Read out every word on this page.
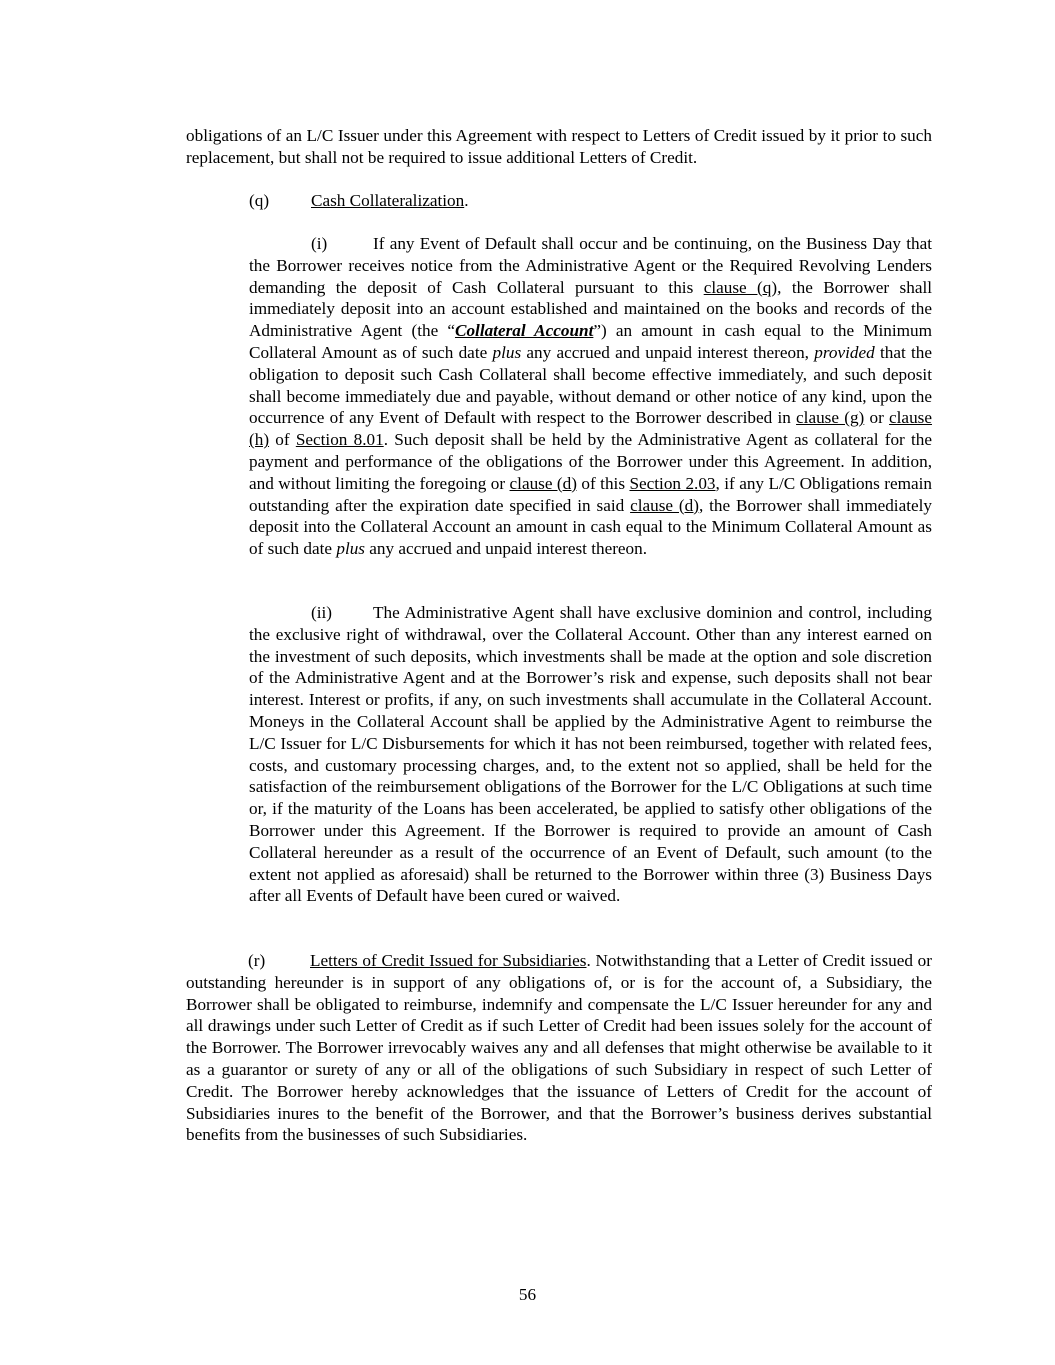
obligations of an L/C Issuer under this Agreement with respect to Letters of Credit issued by it prior to such replacement, but shall not be required to issue additional Letters of Credit.

(q) Cash Collateralization.

(i)	If any Event of Default shall occur and be continuing, on the Business Day that the Borrower receives notice from the Administrative Agent or the Required Revolving Lenders demanding the deposit of Cash Collateral pursuant to this clause (q), the Borrower shall immediately deposit into an account established and maintained on the books and records of the Administrative Agent (the “Collateral Account”) an amount in cash equal to the Minimum Collateral Amount as of such date plus any accrued and unpaid interest thereon, provided that the obligation to deposit such Cash Collateral shall become effective immediately, and such deposit shall become immediately due and payable, without demand or other notice of any kind, upon the occurrence of any Event of Default with respect to the Borrower described in clause (g) or clause (h) of Section 8.01. Such deposit shall be held by the Administrative Agent as collateral for the payment and performance of the obligations of the Borrower under this Agreement. In addition, and without limiting the foregoing or clause (d) of this Section 2.03, if any L/C Obligations remain outstanding after the expiration date specified in said clause (d), the Borrower shall immediately deposit into the Collateral Account an amount in cash equal to the Minimum Collateral Amount as of such date plus any accrued and unpaid interest thereon.

(ii) The Administrative Agent shall have exclusive dominion and control, including the exclusive right of withdrawal, over the Collateral Account. Other than any interest earned on the investment of such deposits, which investments shall be made at the option and sole discretion of the Administrative Agent and at the Borrower’s risk and expense, such deposits shall not bear interest. Interest or profits, if any, on such investments shall accumulate in the Collateral Account. Moneys in the Collateral Account shall be applied by the Administrative Agent to reimburse the L/C Issuer for L/C Disbursements for which it has not been reimbursed, together with related fees, costs, and customary processing charges, and, to the extent not so applied, shall be held for the satisfaction of the reimbursement obligations of the Borrower for the L/C Obligations at such time or, if the maturity of the Loans has been accelerated, be applied to satisfy other obligations of the Borrower under this Agreement. If the Borrower is required to provide an amount of Cash Collateral hereunder as a result of the occurrence of an Event of Default, such amount (to the extent not applied as aforesaid) shall be returned to the Borrower within three (3) Business Days after all Events of Default have been cured or waived.

(r)	Letters of Credit Issued for Subsidiaries. Notwithstanding that a Letter of Credit issued or outstanding hereunder is in support of any obligations of, or is for the account of, a Subsidiary, the Borrower shall be obligated to reimburse, indemnify and compensate the L/C Issuer hereunder for any and all drawings under such Letter of Credit as if such Letter of Credit had been issues solely for the account of the Borrower. The Borrower irrevocably waives any and all defenses that might otherwise be available to it as a guarantor or surety of any or all of the obligations of such Subsidiary in respect of such Letter of Credit. The Borrower hereby acknowledges that the issuance of Letters of Credit for the account of Subsidiaries inures to the benefit of the Borrower, and that the Borrower’s business derives substantial benefits from the businesses of such Subsidiaries.

56
